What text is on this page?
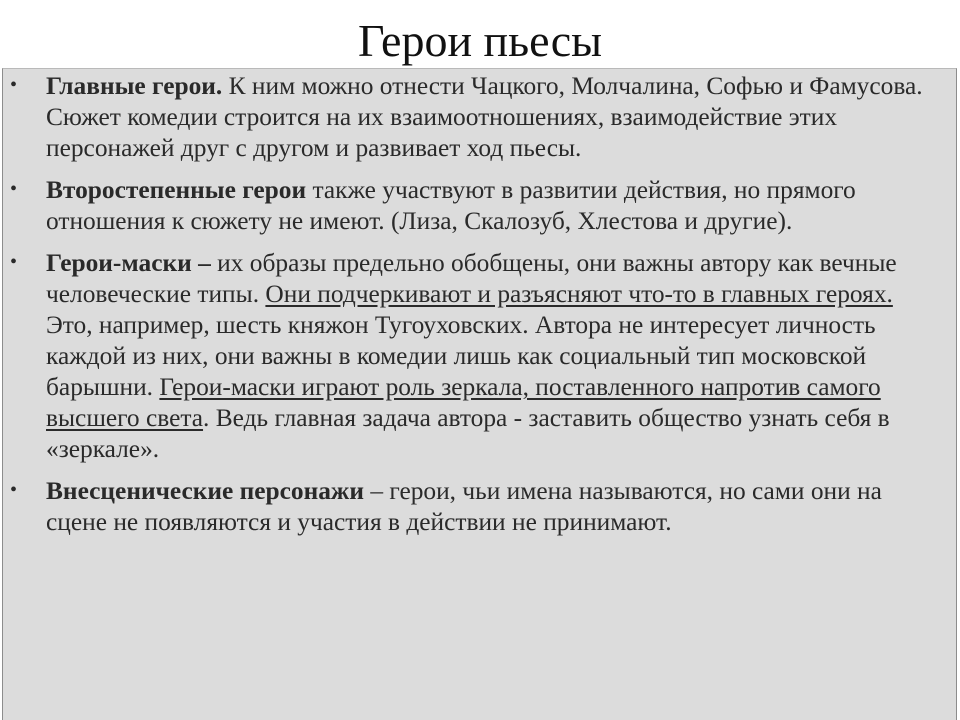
Герои пьесы
• Главные герои. К ним можно отнести Чацкого, Молчалина, Софью и Фамусова. Сюжет комедии строится на их взаимоотношениях, взаимодействие этих персонажей друг с другом и развивает ход пьесы.
• Второстепенные герои также участвуют в развитии действия, но прямого отношения к сюжету не имеют. (Лиза, Скалозуб, Хлестова и другие).
• Герои-маски – их образы предельно обобщены, они важны автору как вечные человеческие типы. Они подчеркивают и разъясняют что-то в главных героях. Это, например, шесть княжон Тугоуховских. Автора не интересует личность каждой из них, они важны в комедии лишь как социальный тип московской барышни. Герои-маски играют роль зеркала, поставленного напротив самого высшего света. Ведь главная задача автора - заставить общество узнать себя в «зеркале».
• Внесценические персонажи – герои, чьи имена называются, но сами они на сцене не появляются и участия в действии не принимают.
